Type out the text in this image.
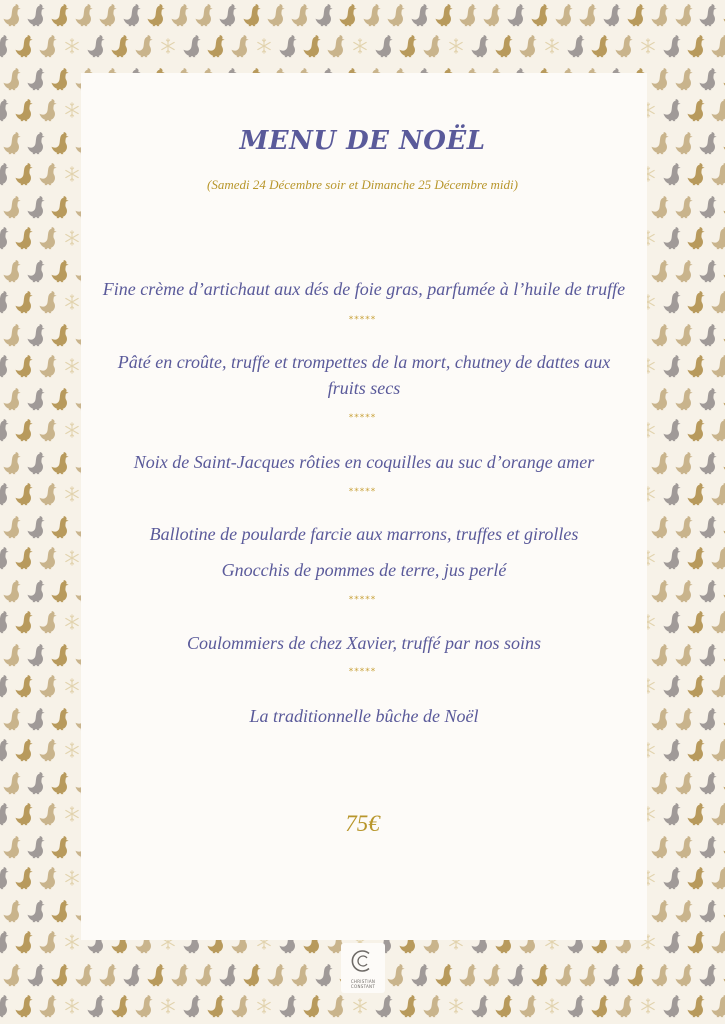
MENU DE NOËL

(Samedi 24 Décembre soir et Dimanche 25 Décembre midi)

Fine crème d’artichaut aux dés de foie gras, parfumée à l’huile de truffe

*****

Pâté en croûte, truffe et trompettes de la mort, chutney de dattes aux

fruits secs

*****

Noix de Saint-Jacques rôties en coquilles au suc d’orange amer

*****

Ballotine de poularde farcie aux marrons, truffes et girolles

Gnocchis de pommes de terre, jus perlé

*****

Coulommiers de chez Xavier, truffé par nos soins

*****

La traditionnelle bûche de Noël

75€

CHRISTIAN
CONSTANT
